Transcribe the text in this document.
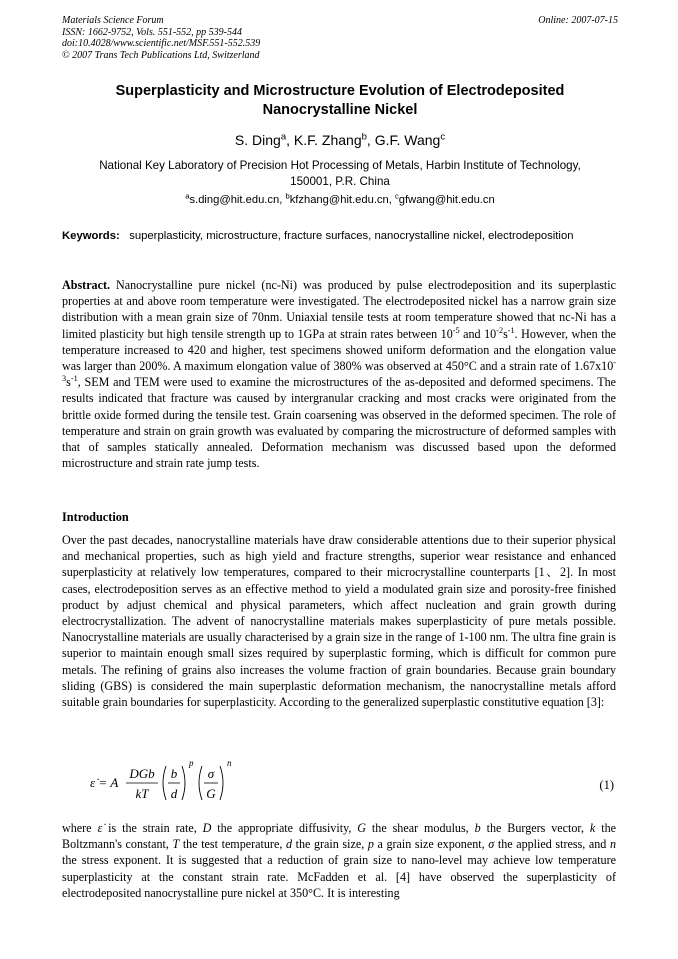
Materials Science Forum
ISSN: 1662-9752, Vols. 551-552, pp 539-544
doi:10.4028/www.scientific.net/MSF.551-552.539
© 2007 Trans Tech Publications Ltd, Switzerland
Online: 2007-07-15
Superplasticity and Microstructure Evolution of Electrodeposited
Nanocrystalline Nickel
S. Ding$^a$, K.F. Zhang$^b$, G.F. Wang$^c$
National Key Laboratory of Precision Hot Processing of Metals, Harbin Institute of Technology,
150001, P.R. China
$^a$s.ding@hit.edu.cn, $^b$kfzhang@hit.edu.cn, $^c$gfwang@hit.edu.cn
Keywords: superplasticity, microstructure, fracture surfaces, nanocrystalline nickel, electrodeposition
Abstract. Nanocrystalline pure nickel (nc-Ni) was produced by pulse electrodeposition and its superplastic properties at and above room temperature were investigated. The electrodeposited nickel has a narrow grain size distribution with a mean grain size of 70nm. Uniaxial tensile tests at room temperature showed that nc-Ni has a limited plasticity but high tensile strength up to 1GPa at strain rates between $10^{-5}$ and $10^{-2}s^{-1}$. However, when the temperature increased to 420 and higher, test specimens showed uniform deformation and the elongation value was larger than 200%. A maximum elongation value of 380% was observed at 450°C and a strain rate of $1.67x10^{-3}s^{-1}$, SEM and TEM were used to examine the microstructures of the as-deposited and deformed specimens. The results indicated that fracture was caused by intergranular cracking and most cracks were originated from the brittle oxide formed during the tensile test. Grain coarsening was observed in the deformed specimen. The role of temperature and strain on grain growth was evaluated by comparing the microstructure of deformed samples with that of samples statically annealed. Deformation mechanism was discussed based upon the deformed microstructure and strain rate jump tests.
Introduction
Over the past decades, nanocrystalline materials have draw considerable attentions due to their superior physical and mechanical properties, such as high yield and fracture strengths, superior wear resistance and enhanced superplasticity at relatively low temperatures, compared to their microcrystalline counterparts [1、2]. In most cases, electrodeposition serves as an effective method to yield a modulated grain size and porosity-free finished product by adjust chemical and physical parameters, which affect nucleation and grain growth during electrocrystallization. The advent of nanocrystalline materials makes superplasticity of pure metals possible. Nanocrystalline materials are usually characterised by a grain size in the range of 1-100 nm. The ultra fine grain is superior to maintain enough small sizes required by superplastic forming, which is difficult for common pure metals. The refining of grains also increases the volume fraction of grain boundaries. Because grain boundary sliding (GBS) is considered the main superplastic deformation mechanism, the nanocrystalline metals afford suitable grain boundaries for superplasticity. According to the generalized superplastic constitutive equation [3]:
ε̇ = A
DGb
kT
b
d
p
σ
G
n
(1)
where ε̇ is the strain rate, D the appropriate diffusivity, G the shear modulus, b the Burgers vector, k the Boltzmann's constant, T the test temperature, d the grain size, p a grain size exponent, σ the applied stress, and n the stress exponent. It is suggested that a reduction of grain size to nano-level may achieve low temperature superplasticity at the constant strain rate. McFadden et al. [4] have observed the superplasticity of electrodeposited nanocrystalline pure nickel at 350°C. It is interesting
